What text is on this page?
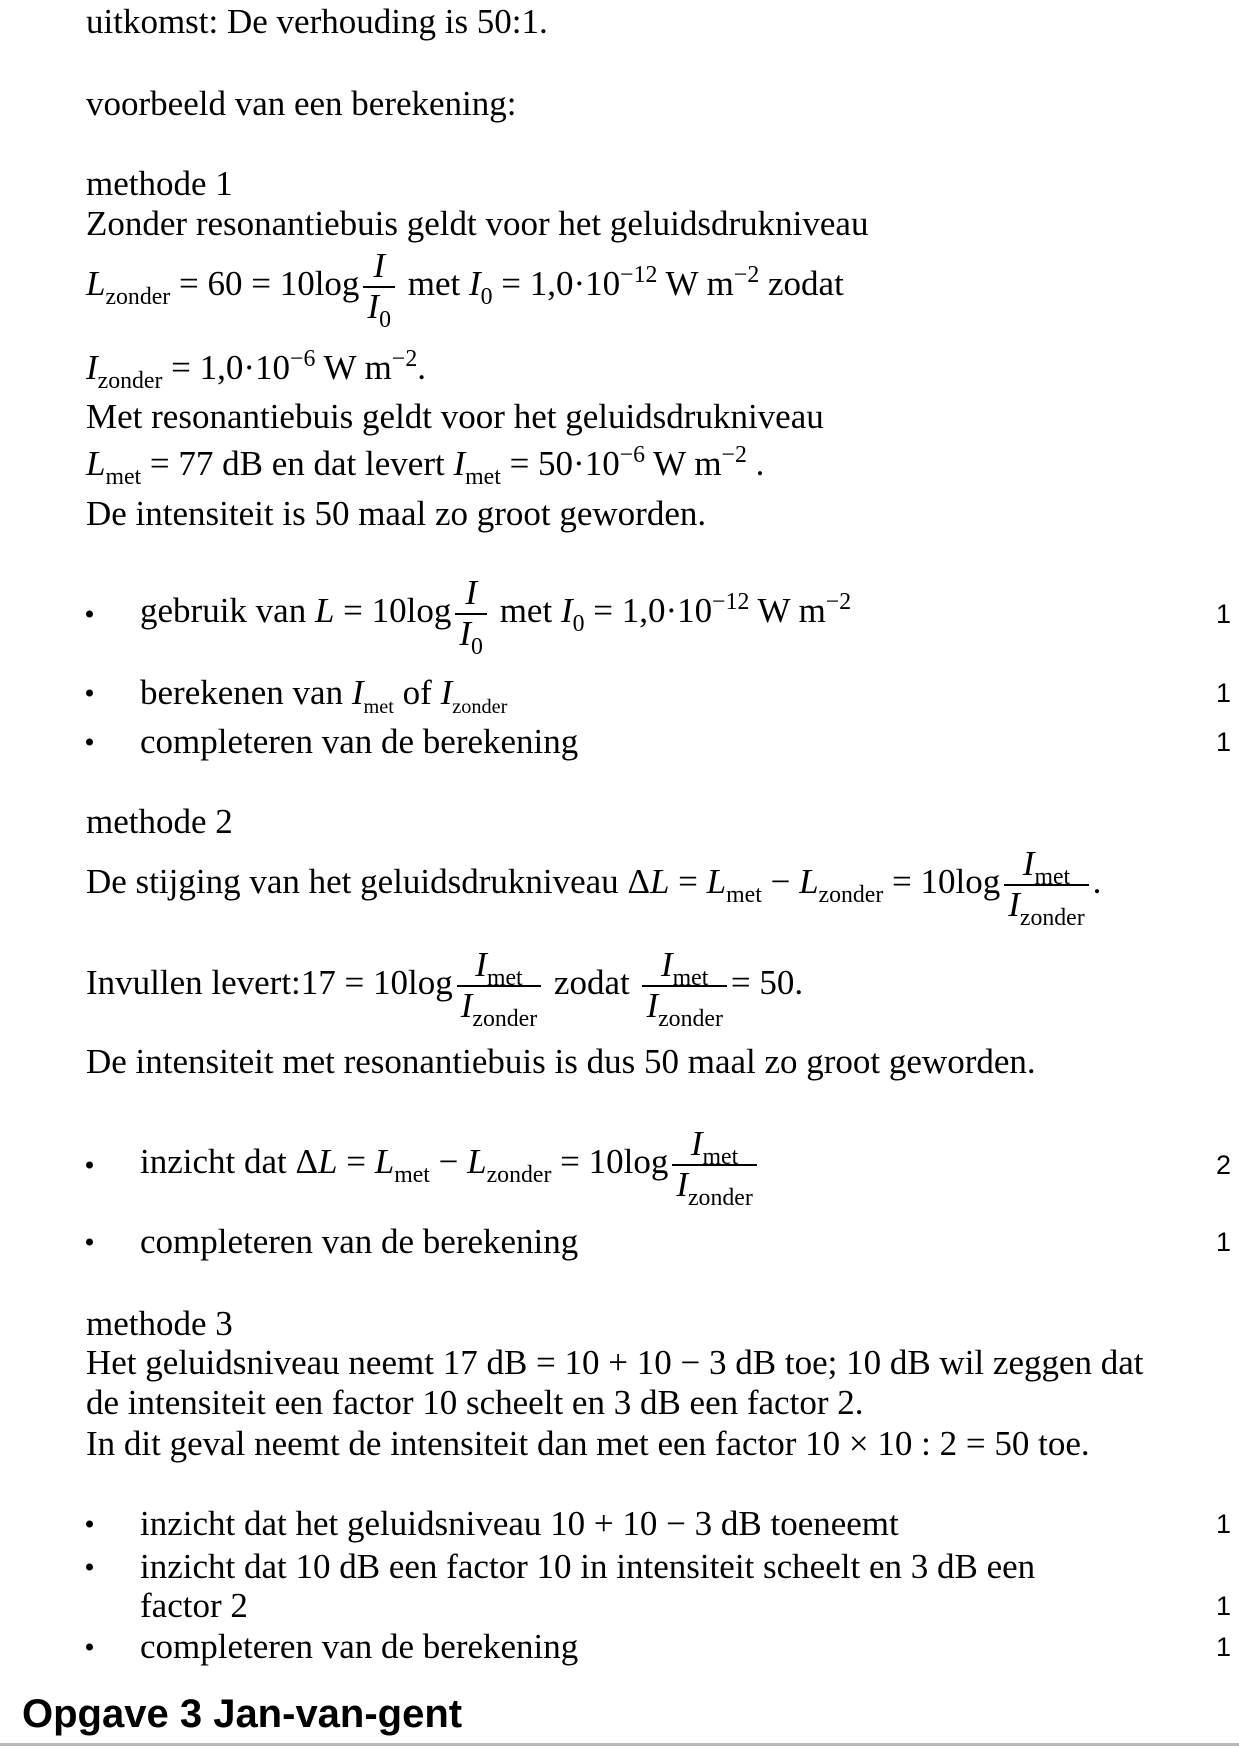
uitkomst: De verhouding is 50:1.
voorbeeld van een berekening:
methode 1
Zonder resonantiebuis geldt voor het geluidsdrukniveau
$L_{zonder} = 60 = 10\log \frac{I}{I_0}$ met $I_0 = 1,0\cdot 10^{-12}$ W $m^{-2}$ zodat
$I_{zonder} = 1,0\cdot 10^{-6}$ W $m^{-2}$.
Met resonantiebuis geldt voor het geluidsdrukniveau
$L_{met} = 77$ dB en dat levert $I_{met} = 50\cdot 10^{-6}$ W $m^{-2}$ .
De intensiteit is 50 maal zo groot geworden.
gebruik van $L = 10\log \frac{I}{I_0}$ met $I_0 = 1,0\cdot 10^{-12}$ W $m^{-2}$	1
berekenen van $I_{met}$ of $I_{zonder}$	1
completeren van de berekening	1
methode 2
De stijging van het geluidsdrukniveau $\Delta L = L_{met} - L_{zonder} = 10\log \frac{I_{met}}{I_{zonder}}$ .
Invullen levert:17 = $10\log \frac{I_{met}}{I_{zonder}}$ zodat $\frac{I_{met}}{I_{zonder}} = 50$.
De intensiteit met resonantiebuis is dus 50 maal zo groot geworden.
inzicht dat $\Delta L = L_{met} - L_{zonder} = 10\log \frac{I_{met}}{I_{zonder}}$	2
completeren van de berekening	1
methode 3
Het geluidsniveau neemt 17 dB = 10 + 10 − 3 dB toe; 10 dB wil zeggen dat
de intensiteit een factor 10 scheelt en 3 dB een factor 2.
In dit geval neemt de intensiteit dan met een factor 10 × 10 : 2 = 50 toe.
inzicht dat het geluidsniveau 10 + 10 − 3 dB toeneemt	1
inzicht dat 10 dB een factor 10 in intensiteit scheelt en 3 dB een
factor 2	1
completeren van de berekening	1
Opgave 3 Jan-van-gent
